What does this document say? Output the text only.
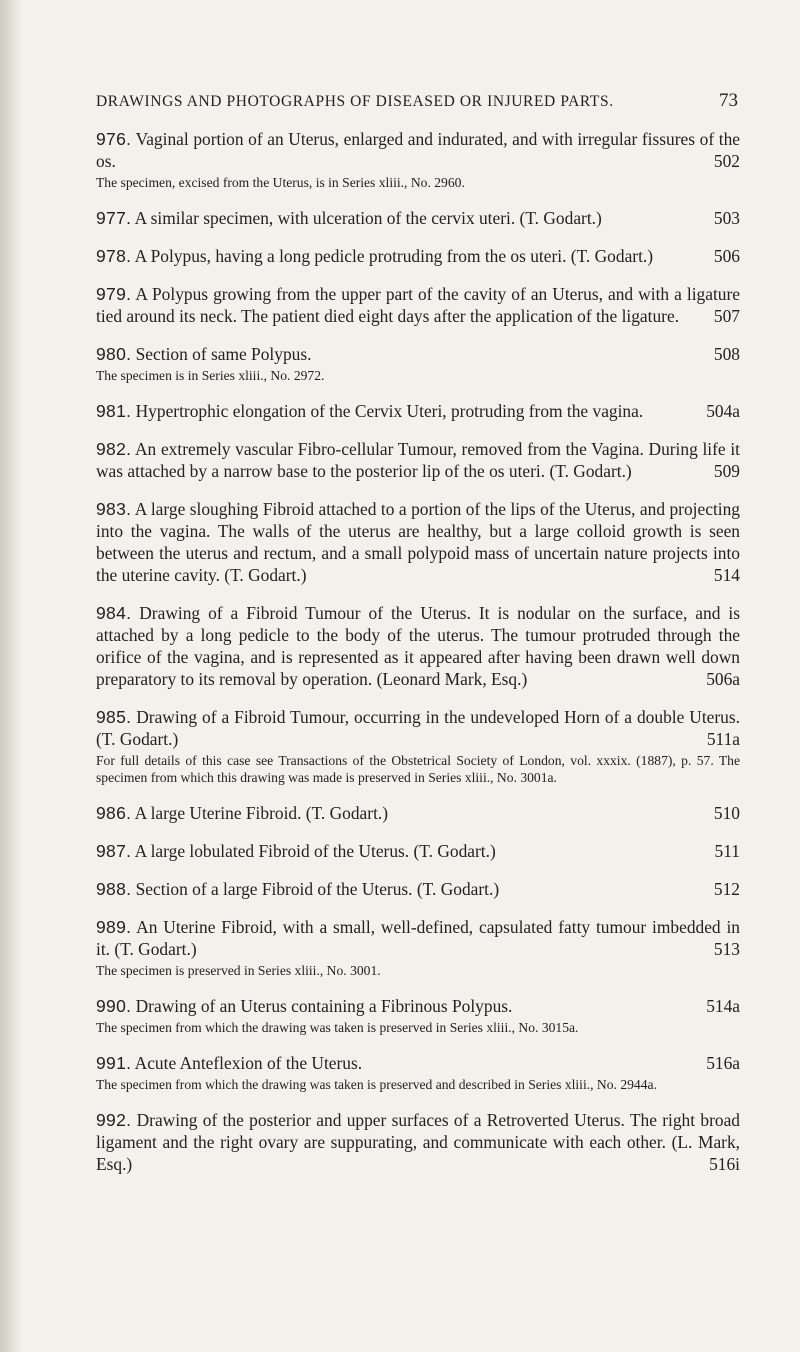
DRAWINGS AND PHOTOGRAPHS OF DISEASED OR INJURED PARTS.	73

976. Vaginal portion of an Uterus, enlarged and indurated, and with irregular fissures of the os.	502

The specimen, excised from the Uterus, is in Series xliii., No. 2960.

977. A similar specimen, with ulceration of the cervix uteri. (T. Godart.)	503

978. A Polypus, having a long pedicle protruding from the os uteri. (T. Godart.)	506

979. A Polypus growing from the upper part of the cavity of an Uterus, and with a ligature tied around its neck. The patient died eight days after the application of the ligature. 507

980. Section of same Polypus.	508

The specimen is in Series xliii., No. 2972.

981. Hypertrophic elongation of the Cervix Uteri, protruding from the vagina.	504a

982. An extremely vascular Fibro-cellular Tumour, removed from the Vagina. During life it was attached by a narrow base to the posterior lip of the os uteri. (T. Godart.)	509

983. A large sloughing Fibroid attached to a portion of the lips of the Uterus, and projecting into the vagina. The walls of the uterus are healthy, but a large colloid growth is seen between the uterus and rectum, and a small polypoid mass of uncertain nature projects into the uterine cavity. (T. Godart.)	514

984. Drawing of a Fibroid Tumour of the Uterus. It is nodular on the surface, and is attached by a long pedicle to the body of the uterus. The tumour protruded through the orifice of the vagina, and is represented as it appeared after having been drawn well down preparatory to its removal by operation. (Leonard Mark, Esq.)	506a

985. Drawing of a Fibroid Tumour, occurring in the undeveloped Horn of a double Uterus. (T. Godart.)	511a

For full details of this case see Transactions of the Obstetrical Society of London, vol. xxxix. (1887), p. 57. The specimen from which this drawing was made is preserved in Series xliii., No. 3001a.

986. A large Uterine Fibroid. (T. Godart.)	510

987. A large lobulated Fibroid of the Uterus. (T. Godart.)	511

988. Section of a large Fibroid of the Uterus. (T. Godart.)	512

989. An Uterine Fibroid, with a small, well-defined, capsulated fatty tumour imbedded in it. (T. Godart.)	513

The specimen is preserved in Series xliii., No. 3001.

990. Drawing of an Uterus containing a Fibrinous Polypus.	514a

The specimen from which the drawing was taken is preserved in Series xliii., No. 3015a.

991. Acute Anteflexion of the Uterus.	516a

The specimen from which the drawing was taken is preserved and described in Series xliii., No. 2944a.

992. Drawing of the posterior and upper surfaces of a Retroverted Uterus. The right broad ligament and the right ovary are suppurating, and communicate with each other. (L. Mark, Esq.)	516i
